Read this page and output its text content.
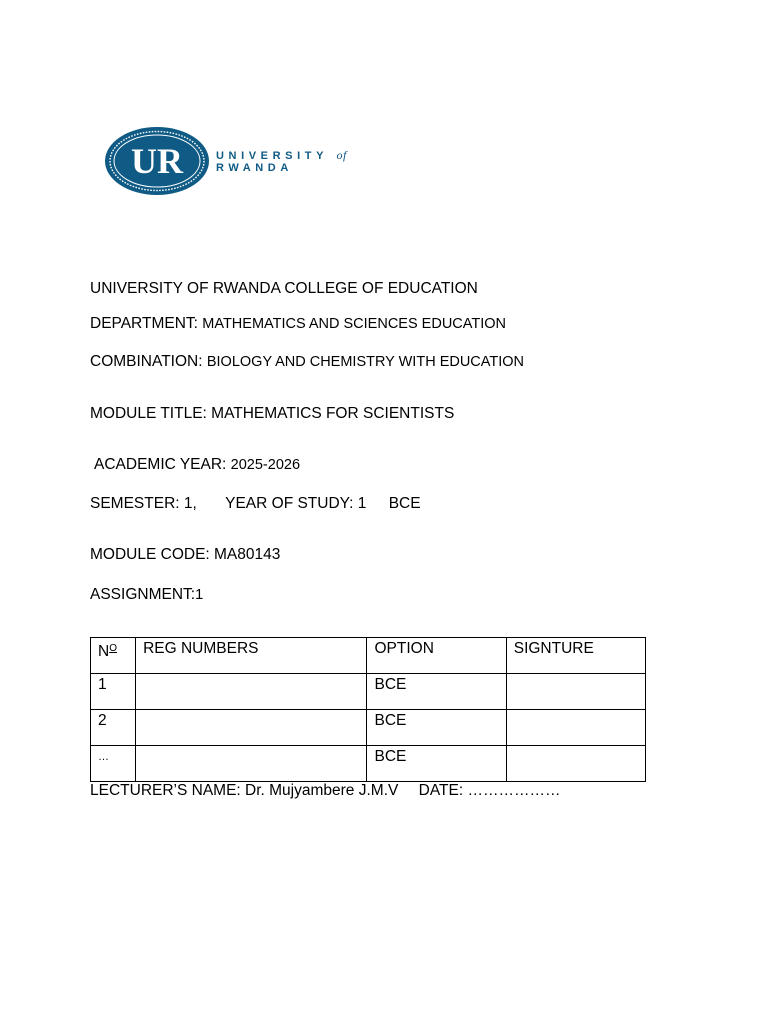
UR	UNIVERSITY of
RWANDA
UNIVERSITY OF RWANDA COLLEGE OF EDUCATION
DEPARTMENT: MATHEMATICS AND SCIENCES EDUCATION
COMBINATION: BIOLOGY AND CHEMISTRY WITH EDUCATION
MODULE TITLE: MATHEMATICS FOR SCIENTISTS
ACADEMIC YEAR: 2025-2026
SEMESTER: 1, YEAR OF STUDY: 1 BCE
MODULE CODE: MA80143
ASSIGNMENT:1
$N^O$	REG NUMBERS	OPTION	SIGNTURE
1		BCE	
2		BCE	
…		BCE	
LECTURER’S NAME: Dr. Mujyambere J.M.V DATE: ………………
